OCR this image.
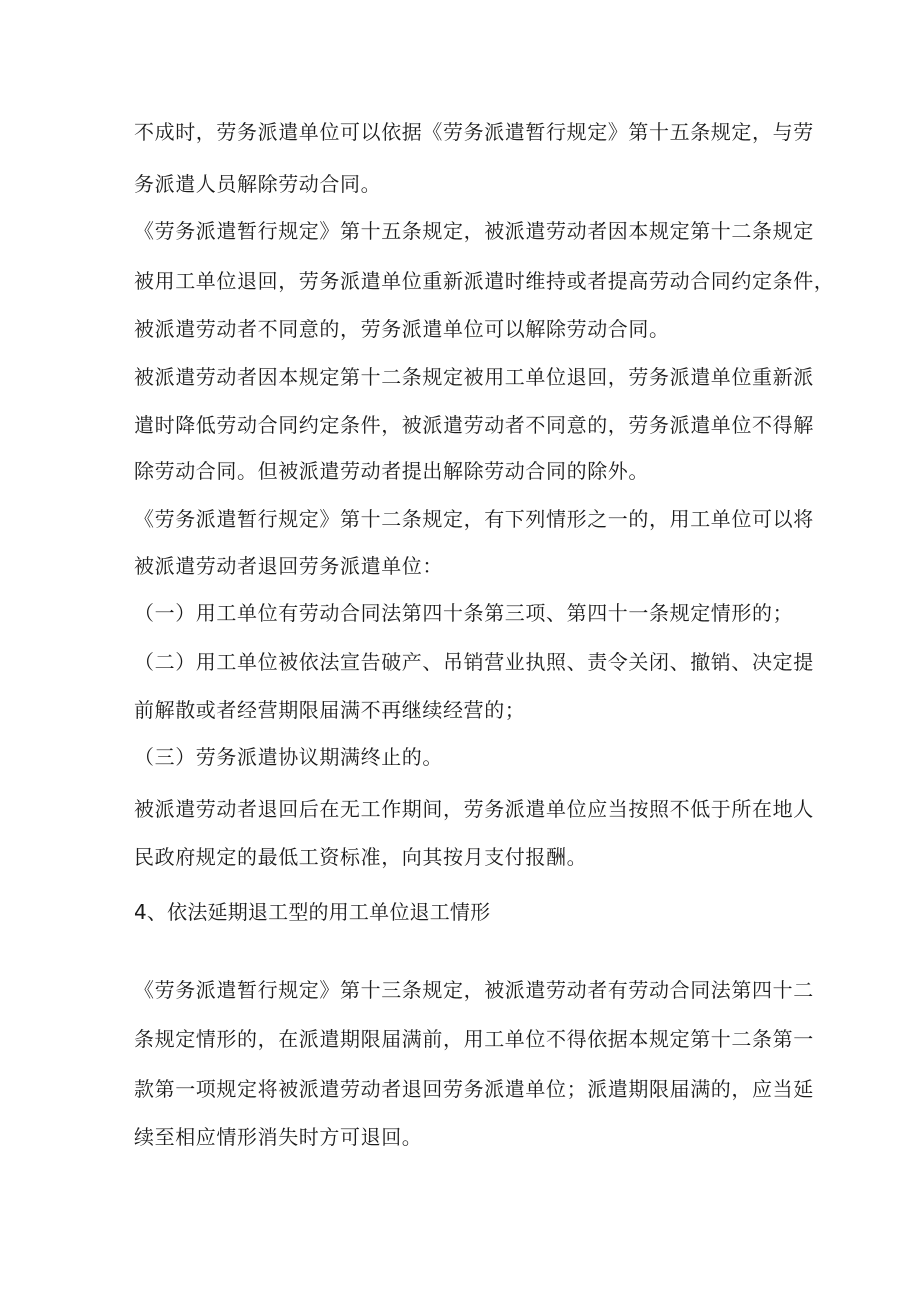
不成时，劳务派遣单位可以依据《劳务派遣暂行规定》第十五条规定，与劳
务派遣人员解除劳动合同。
《劳务派遣暂行规定》第十五条规定，被派遣劳动者因本规定第十二条规定
被用工单位退回，劳务派遣单位重新派遣时维持或者提高劳动合同约定条件，
被派遣劳动者不同意的，劳务派遣单位可以解除劳动合同。
被派遣劳动者因本规定第十二条规定被用工单位退回，劳务派遣单位重新派
遣时降低劳动合同约定条件，被派遣劳动者不同意的，劳务派遣单位不得解
除劳动合同。但被派遣劳动者提出解除劳动合同的除外。
《劳务派遣暂行规定》第十二条规定，有下列情形之一的，用工单位可以将
被派遣劳动者退回劳务派遣单位：
（一）用工单位有劳动合同法第四十条第三项、第四十一条规定情形的；
（二）用工单位被依法宣告破产、吊销营业执照、责令关闭、撤销、决定提
前解散或者经营期限届满不再继续经营的；
（三）劳务派遣协议期满终止的。
被派遣劳动者退回后在无工作期间，劳务派遣单位应当按照不低于所在地人
民政府规定的最低工资标准，向其按月支付报酬。
4、依法延期退工型的用工单位退工情形
《劳务派遣暂行规定》第十三条规定，被派遣劳动者有劳动合同法第四十二
条规定情形的，在派遣期限届满前，用工单位不得依据本规定第十二条第一
款第一项规定将被派遣劳动者退回劳务派遣单位；派遣期限届满的，应当延
续至相应情形消失时方可退回。
